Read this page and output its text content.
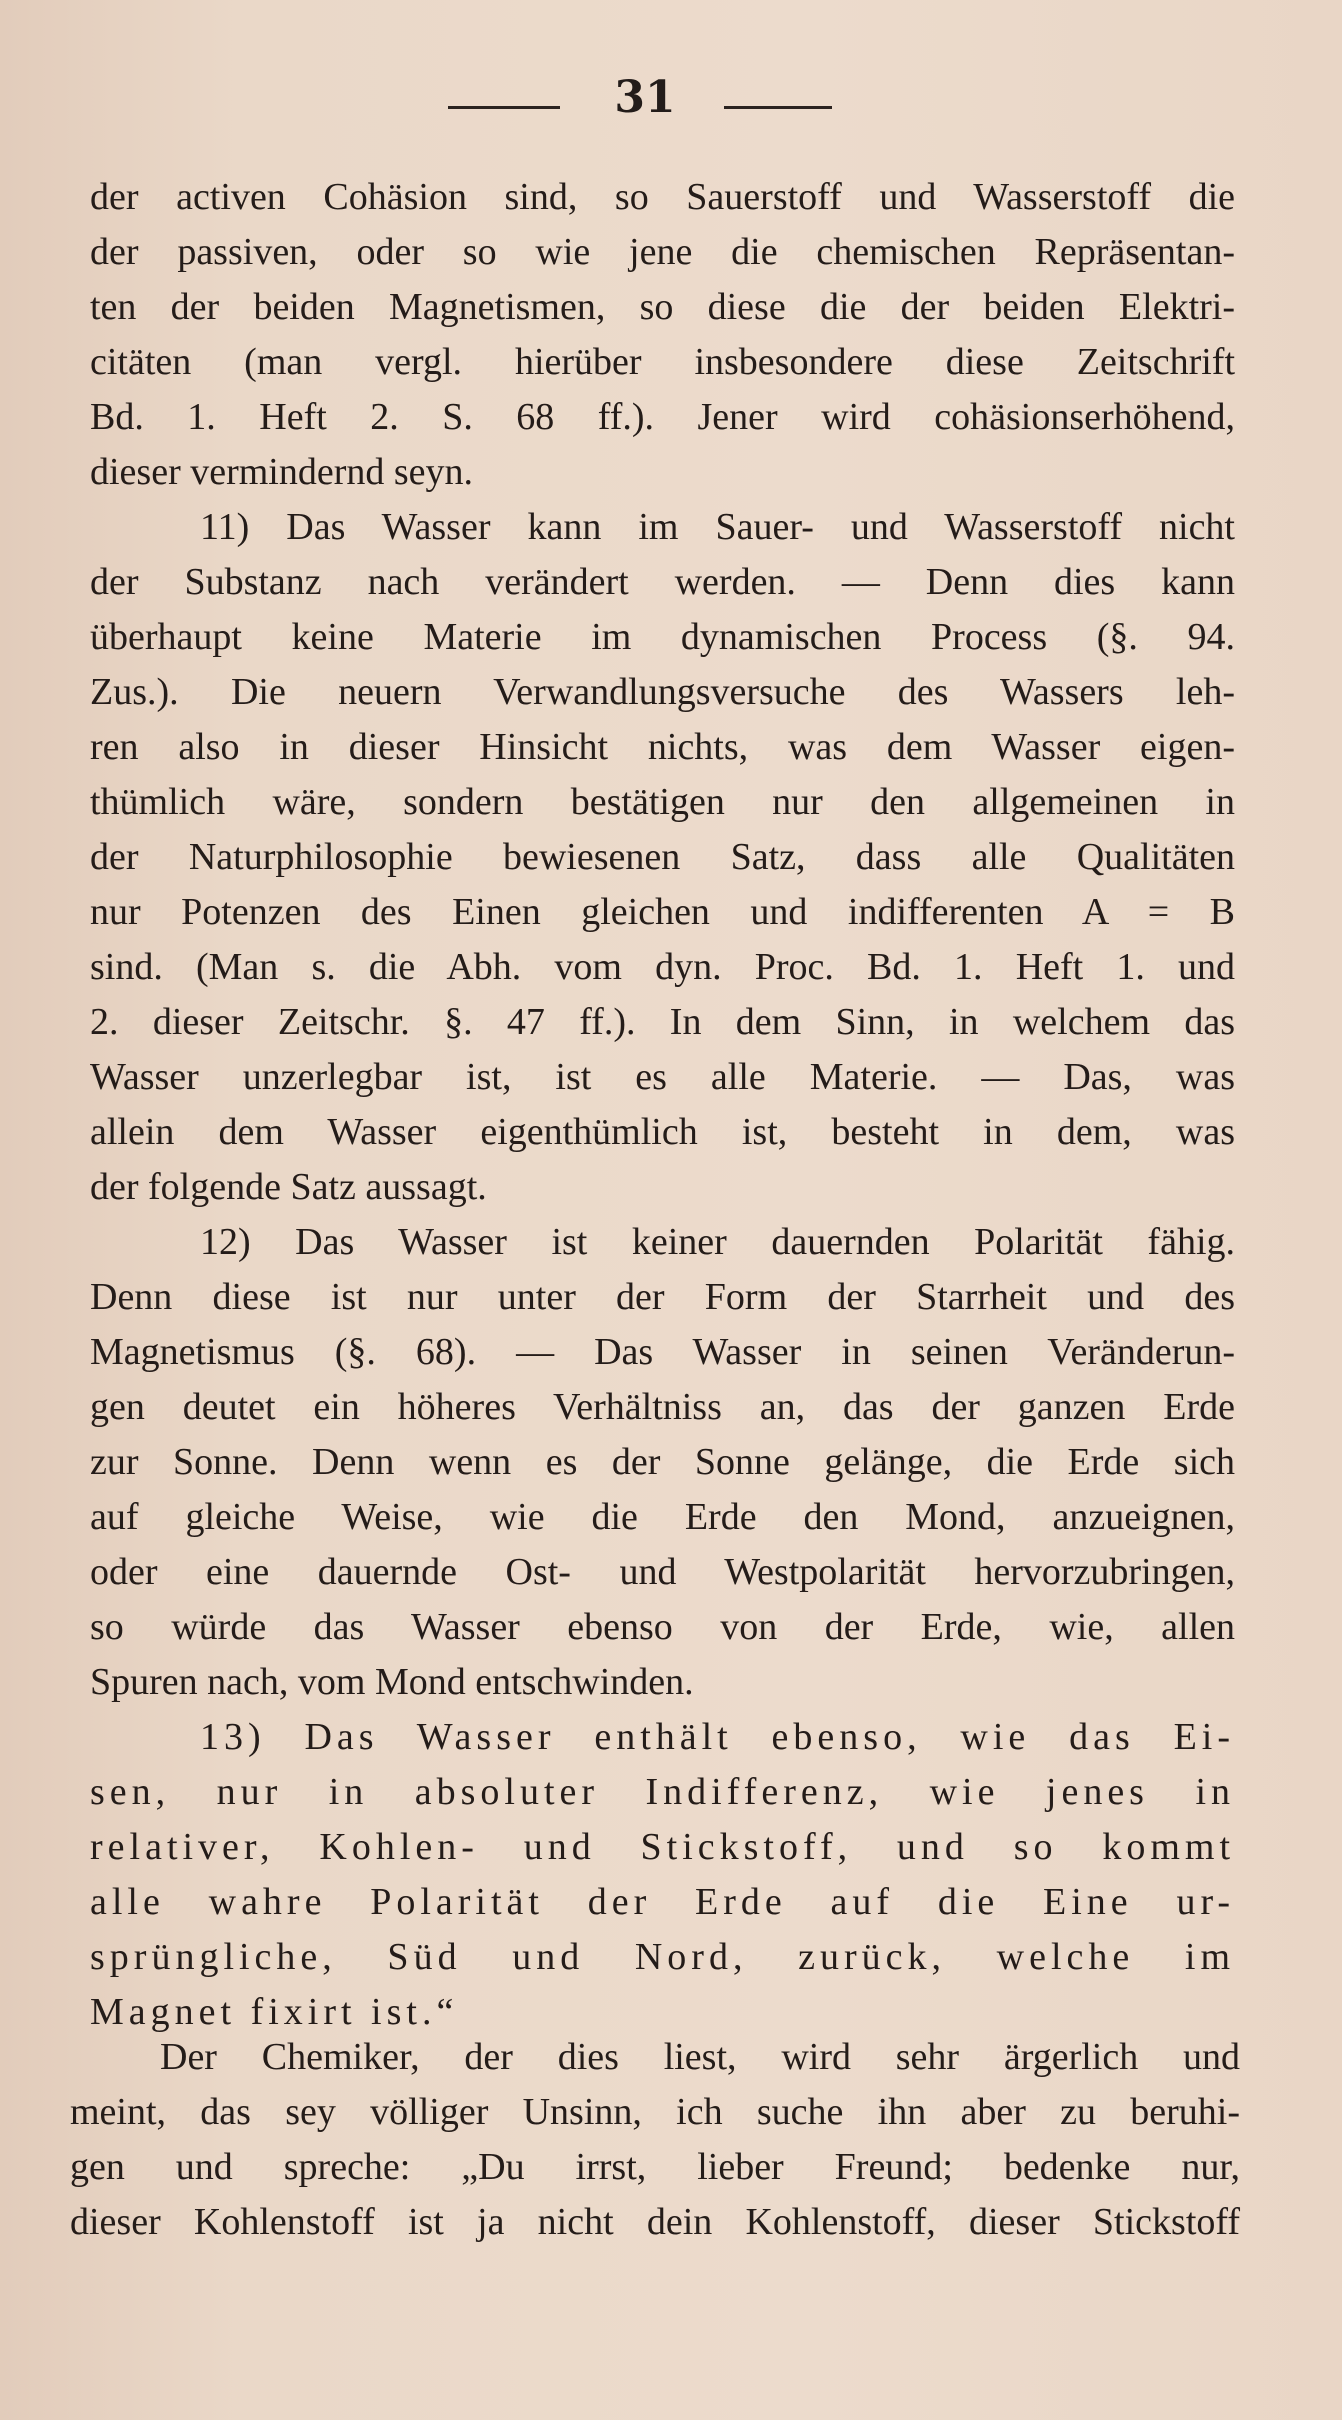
31
der activen Cohäsion sind, so Sauerstoff und Wasserstoff die
der passiven, oder so wie jene die chemischen Repräsentan-
ten der beiden Magnetismen, so diese die der beiden Elektri-
citäten (man vergl. hierüber insbesondere diese Zeitschrift
Bd. 1. Heft 2. S. 68 ff.). Jener wird cohäsionserhöhend,
dieser vermindernd seyn.
11) Das Wasser kann im Sauer- und Wasserstoff nicht
der Substanz nach verändert werden. — Denn dies kann
überhaupt keine Materie im dynamischen Process (§. 94.
Zus.). Die neuern Verwandlungsversuche des Wassers leh-
ren also in dieser Hinsicht nichts, was dem Wasser eigen-
thümlich wäre, sondern bestätigen nur den allgemeinen in
der Naturphilosophie bewiesenen Satz, dass alle Qualitäten
nur Potenzen des Einen gleichen und indifferenten A = B
sind. (Man s. die Abh. vom dyn. Proc. Bd. 1. Heft 1. und
2. dieser Zeitschr. §. 47 ff.). In dem Sinn, in welchem das
Wasser unzerlegbar ist, ist es alle Materie. — Das, was
allein dem Wasser eigenthümlich ist, besteht in dem, was
der folgende Satz aussagt.
12) Das Wasser ist keiner dauernden Polarität fähig.
Denn diese ist nur unter der Form der Starrheit und des
Magnetismus (§. 68). — Das Wasser in seinen Veränderun-
gen deutet ein höheres Verhältniss an, das der ganzen Erde
zur Sonne. Denn wenn es der Sonne gelänge, die Erde sich
auf gleiche Weise, wie die Erde den Mond, anzueignen,
oder eine dauernde Ost- und Westpolarität hervorzubringen,
so würde das Wasser ebenso von der Erde, wie, allen
Spuren nach, vom Mond entschwinden.
13) Das Wasser enthält ebenso, wie das Ei-
sen, nur in absoluter Indifferenz, wie jenes in
relativer, Kohlen- und Stickstoff, und so kommt
alle wahre Polarität der Erde auf die Eine ur-
sprüngliche, Süd und Nord, zurück, welche im
Magnet fixirt ist.“
Der Chemiker, der dies liest, wird sehr ärgerlich und
meint, das sey völliger Unsinn, ich suche ihn aber zu beruhi-
gen und spreche: „Du irrst, lieber Freund; bedenke nur,
dieser Kohlenstoff ist ja nicht dein Kohlenstoff, dieser Stickstoff
